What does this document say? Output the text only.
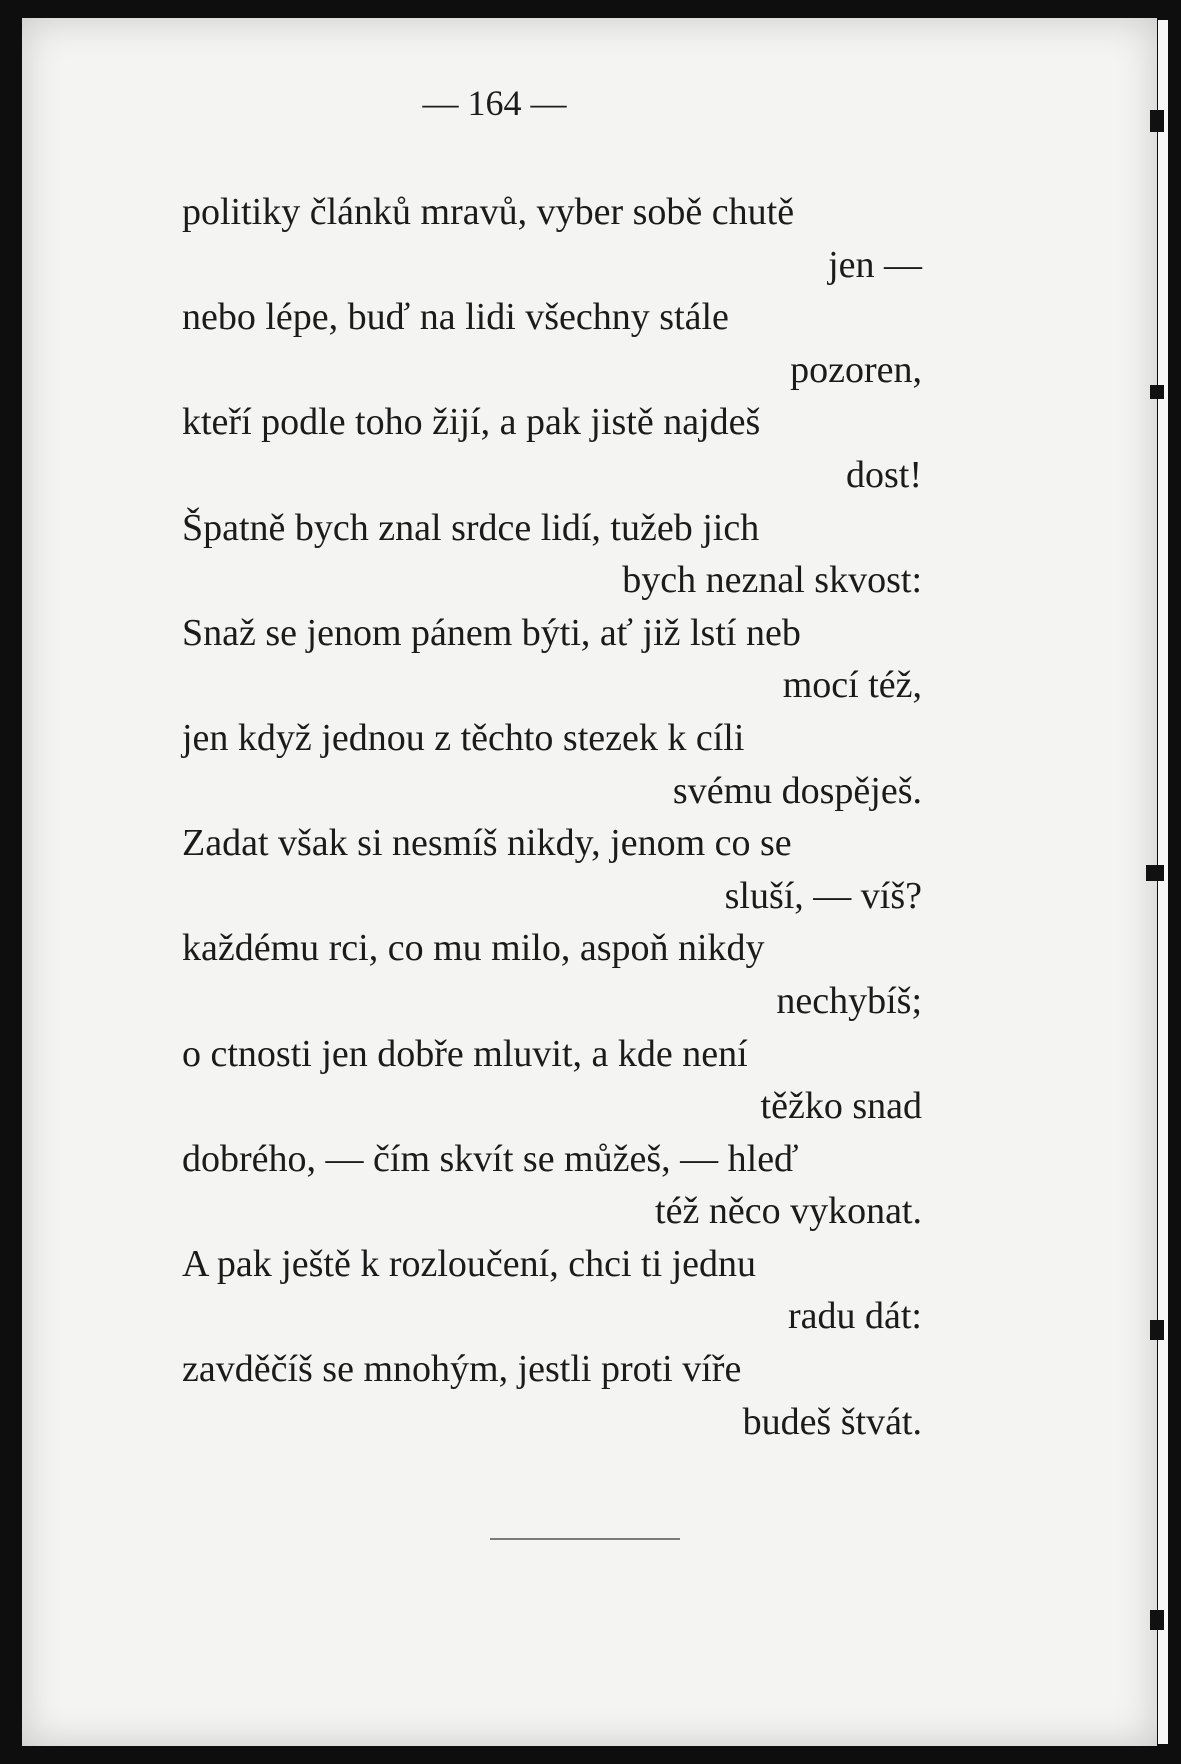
— 164 —
politiky článků mravů, vyber sobě chutě
jen —
nebo lépe, buď na lidi všechny stále
pozoren,
kteří podle toho žijí, a pak jistě najdeš
dost!
Špatně bych znal srdce lidí, tužeb jich
bych neznal skvost:
Snaž se jenom pánem býti, ať již lstí neb
mocí též,
jen když jednou z těchto stezek k cíli
svému dospěješ.
Zadat však si nesmíš nikdy, jenom co se
sluší, — víš?
každému rci, co mu milo, aspoň nikdy
nechybíš;
o ctnosti jen dobře mluvit, a kde není
těžko snad
dobrého, — čím skvít se můžeš, — hleď
též něco vykonat.
A pak ještě k rozloučení, chci ti jednu
radu dát:
zavděčíš se mnohým, jestli proti víře
budeš štvát.
